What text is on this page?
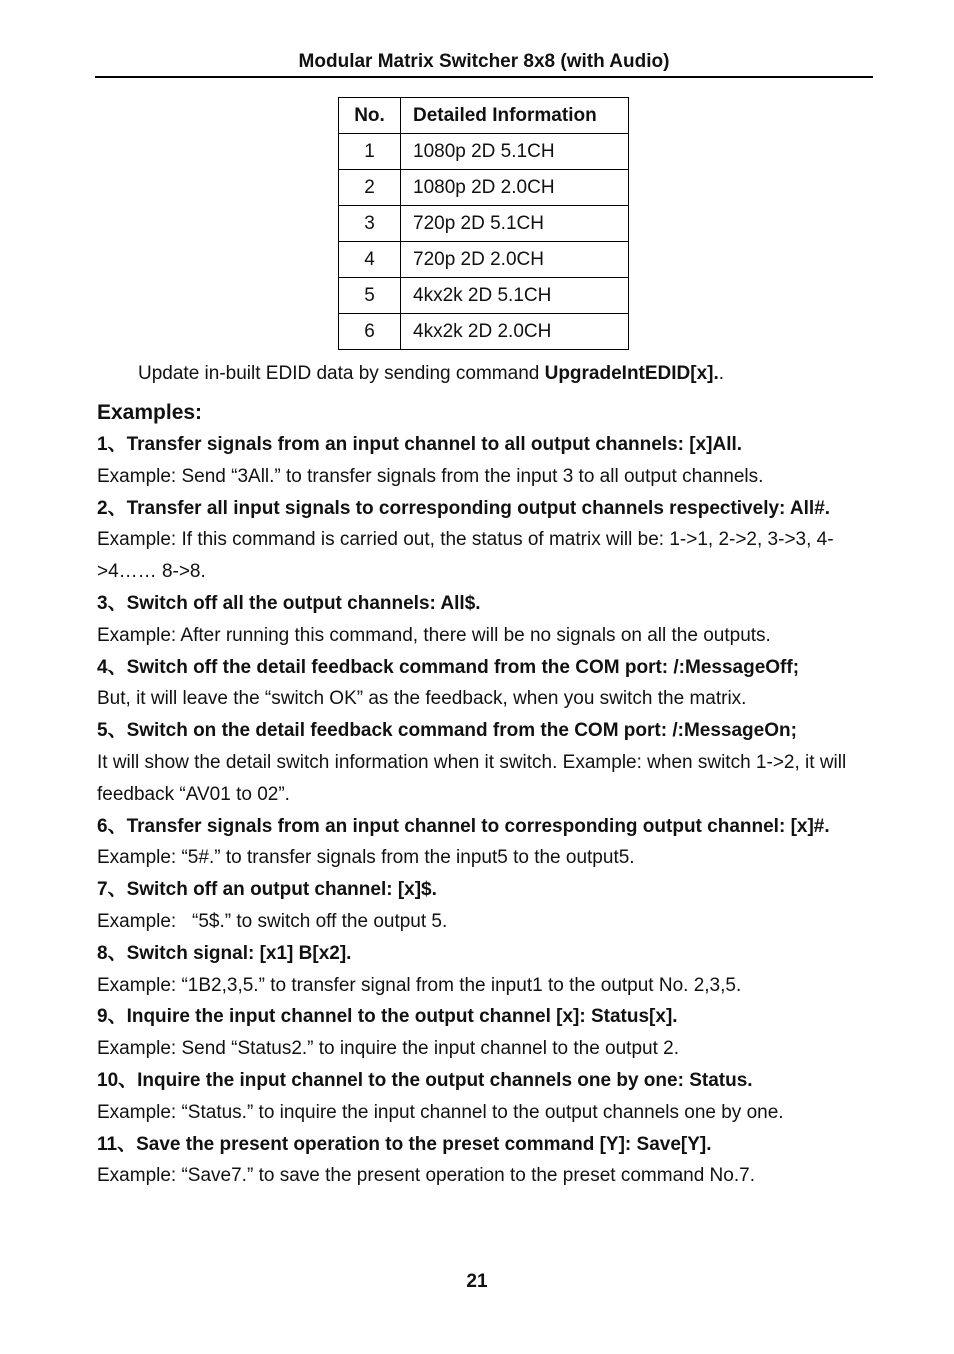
Modular Matrix Switcher 8x8 (with Audio)
No.	Detailed Information
1	1080p 2D 5.1CH
2	1080p 2D 2.0CH
3	720p 2D 5.1CH
4	720p 2D 2.0CH
5	4kx2k 2D 5.1CH
6	4kx2k 2D 2.0CH
Update in-built EDID data by sending command UpgradeIntEDID[x]..
Examples:
1、Transfer signals from an input channel to all output channels: [x]All.
Example: Send “3All.” to transfer signals from the input 3 to all output channels.
2、Transfer all input signals to corresponding output channels respectively: All#.
Example: If this command is carried out, the status of matrix will be: 1->1, 2->2, 3->3, 4->4…… 8->8.
3、Switch off all the output channels: All$.
Example: After running this command, there will be no signals on all the outputs.
4、Switch off the detail feedback command from the COM port: /:MessageOff;
But, it will leave the “switch OK” as the feedback, when you switch the matrix.
5、Switch on the detail feedback command from the COM port: /:MessageOn;
It will show the detail switch information when it switch. Example: when switch 1->2, it will feedback “AV01 to 02”.
6、Transfer signals from an input channel to corresponding output channel: [x]#.
Example: “5#.” to transfer signals from the input5 to the output5.
7、Switch off an output channel: [x]$.
Example:   “5$.” to switch off the output 5.
8、Switch signal: [x1] B[x2].
Example: “1B2,3,5.” to transfer signal from the input1 to the output No. 2,3,5.
9、Inquire the input channel to the output channel [x]: Status[x].
Example: Send “Status2.” to inquire the input channel to the output 2.
10、Inquire the input channel to the output channels one by one: Status.
Example: “Status.” to inquire the input channel to the output channels one by one.
11、Save the present operation to the preset command [Y]: Save[Y].
Example: “Save7.” to save the present operation to the preset command No.7.
21
